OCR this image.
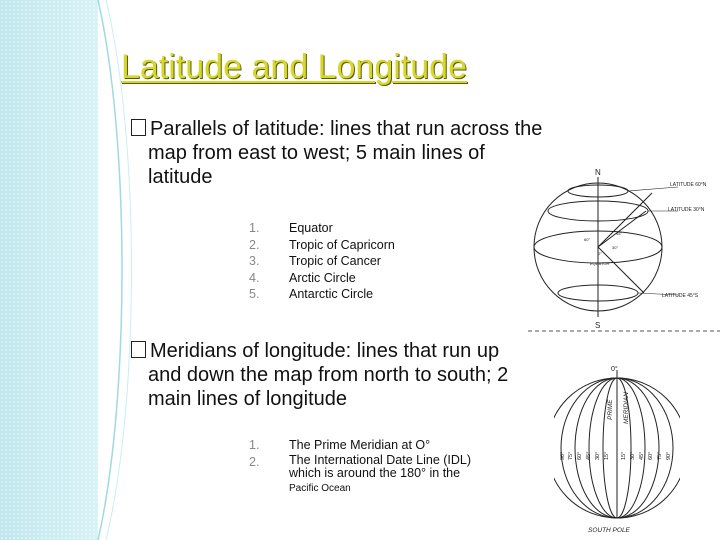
Latitude and Longitude
Parallels of latitude: lines that run across the map from east to west; 5 main lines of latitude
1.	Equator
2.	Tropic of Capricorn
3.	Tropic of Cancer
4.	Arctic Circle
5.	Antarctic Circle
Meridians of longitude: lines that run up and down the map from north to south; 2 main lines of longitude
1.	The Prime Meridian at O°
2.	The International Date Line (IDL) which is around the 180° in the
Pacific Ocean
N
S
LATITUDE 60°N
LATITUDE 30°N
LATITUDE 45°S
EQUATOR
60°
45°
30°
0°
0°
PRIME MERIDIAN
SOUTH POLE
90° 75° 60° 45° 30° 15° 15° 30° 45° 60° 75° 90°
